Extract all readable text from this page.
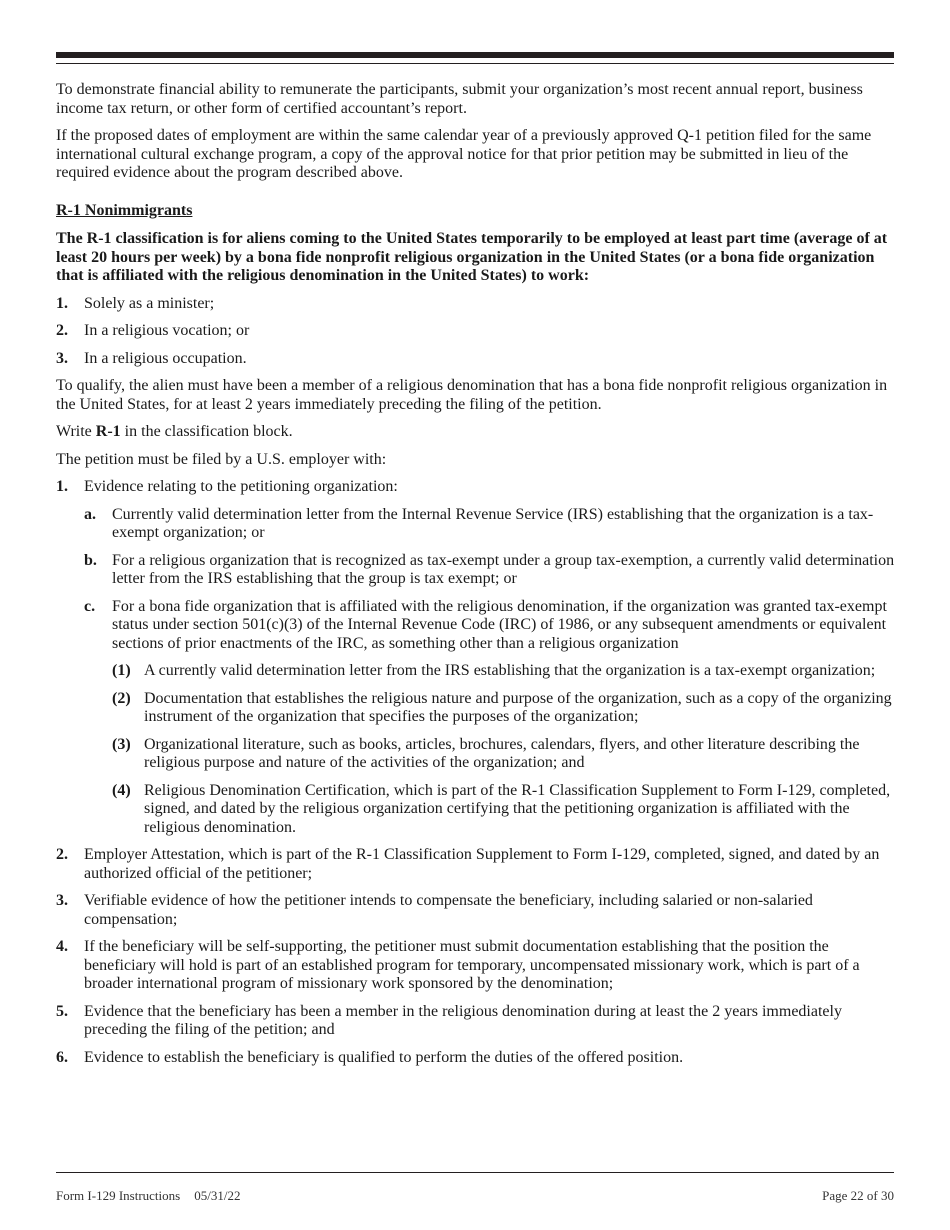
To demonstrate financial ability to remunerate the participants, submit your organization’s most recent annual report, business income tax return, or other form of certified accountant’s report.

If the proposed dates of employment are within the same calendar year of a previously approved Q-1 petition filed for the same international cultural exchange program, a copy of the approval notice for that prior petition may be submitted in lieu of the required evidence about the program described above.

R-1 Nonimmigrants

The R-1 classification is for aliens coming to the United States temporarily to be employed at least part time (average of at least 20 hours per week) by a bona fide nonprofit religious organization in the United States (or a bona fide organization that is affiliated with the religious denomination in the United States) to work:

1.	Solely as a minister;
2.	In a religious vocation; or
3.	In a religious occupation.

To qualify, the alien must have been a member of a religious denomination that has a bona fide nonprofit religious organization in the United States, for at least 2 years immediately preceding the filing of the petition.

Write R-1 in the classification block.

The petition must be filed by a U.S. employer with:

1.	Evidence relating to the petitioning organization:
a.	Currently valid determination letter from the Internal Revenue Service (IRS) establishing that the organization is a tax-exempt organization; or
b. For a religious organization that is recognized as tax-exempt under a group tax-exemption, a currently valid determination letter from the IRS establishing that the group is tax exempt; or
c.	For a bona fide organization that is affiliated with the religious denomination, if the organization was granted tax-exempt status under section 501(c)(3) of the Internal Revenue Code (IRC) of 1986, or any subsequent amendments or equivalent sections of prior enactments of the IRC, as something other than a religious organization
(1) A currently valid determination letter from the IRS establishing that the organization is a tax-exempt organization;
(2) Documentation that establishes the religious nature and purpose of the organization, such as a copy of the organizing instrument of the organization that specifies the purposes of the organization;
(3) Organizational literature, such as books, articles, brochures, calendars, flyers, and other literature describing the religious purpose and nature of the activities of the organization; and
(4) Religious Denomination Certification, which is part of the R-1 Classification Supplement to Form I-129, completed, signed, and dated by the religious organization certifying that the petitioning organization is affiliated with the religious denomination.
2.	Employer Attestation, which is part of the R-1 Classification Supplement to Form I-129, completed, signed, and dated by an authorized official of the petitioner;
3.	Verifiable evidence of how the petitioner intends to compensate the beneficiary, including salaried or non-salaried compensation;
4.	If the beneficiary will be self-supporting, the petitioner must submit documentation establishing that the position the beneficiary will hold is part of an established program for temporary, uncompensated missionary work, which is part of a broader international program of missionary work sponsored by the denomination;
5.	Evidence that the beneficiary has been a member in the religious denomination during at least the 2 years immediately preceding the filing of the petition; and
6.	Evidence to establish the beneficiary is qualified to perform the duties of the offered position.
Form I-129 Instructions 05/31/22	Page 22 of 30
